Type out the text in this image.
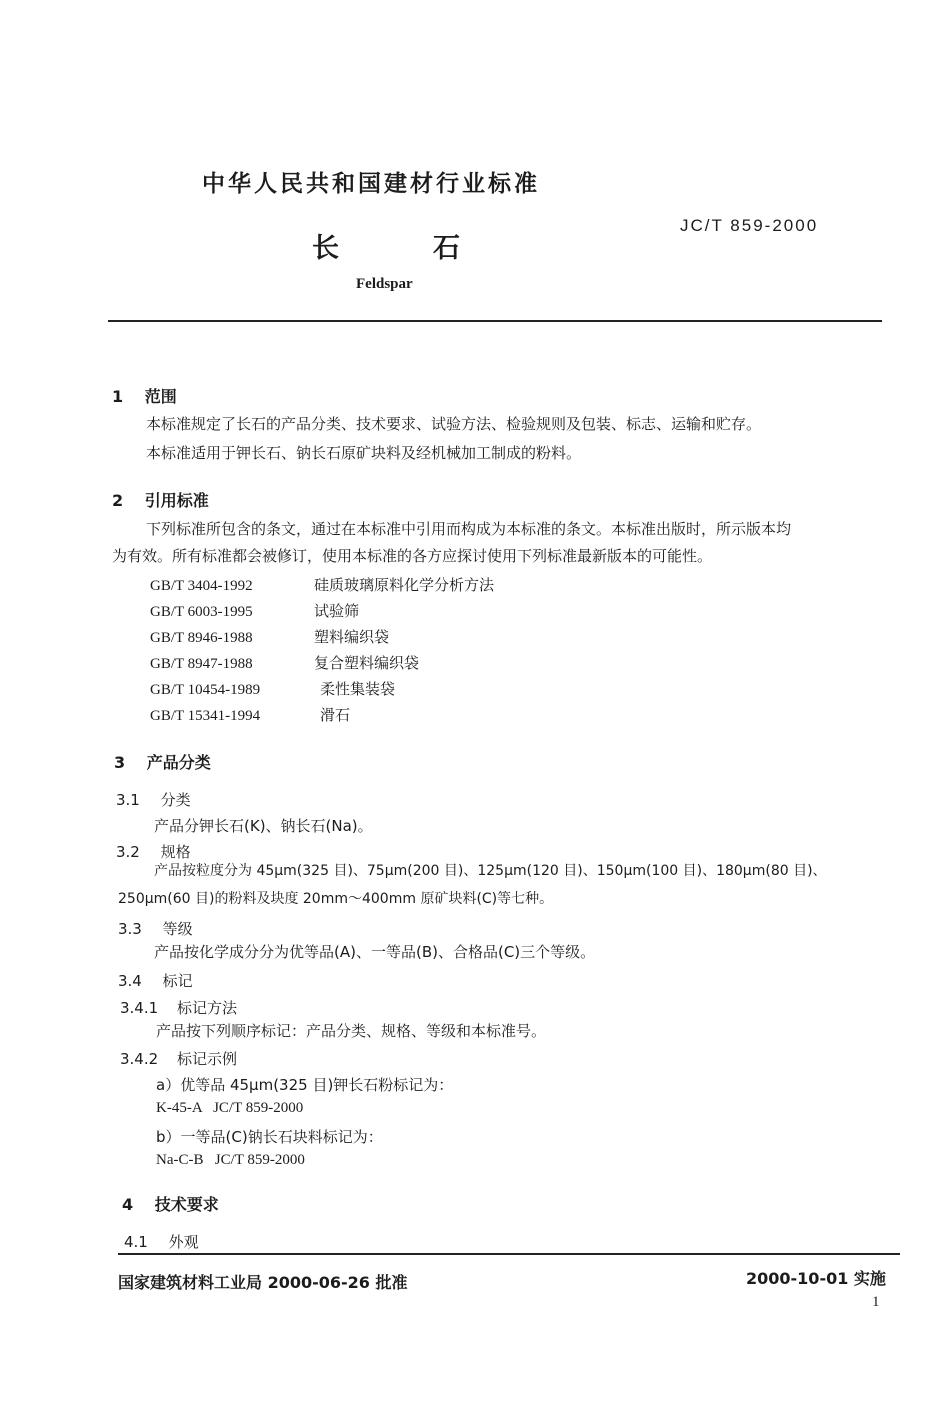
中华人民共和国建材行业标准
JC/T 859-2000
长石
Feldspar
1 范围
本标准规定了长石的产品分类、技术要求、试验方法、检验规则及包装、标志、运输和贮存。
本标准适用于钾长石、钠长石原矿块料及经机械加工制成的粉料。
2 引用标准
下列标准所包含的条文，通过在本标准中引用而构成为本标准的条文。本标准出版时，所示版本均
为有效。所有标准都会被修订，使用本标准的各方应探讨使用下列标准最新版本的可能性。
GB/T 3404-1992	硅质玻璃原料化学分析方法
GB/T 6003-1995	试验筛
GB/T 8946-1988	塑料编织袋
GB/T 8947-1988	复合塑料编织袋
GB/T 10454-1989	柔性集装袋
GB/T 15341-1994	滑石
3 产品分类
3.1 分类
产品分钾长石(K)、钠长石(Na)。
3.2 规格
产品按粒度分为 45μm(325 目)、75μm(200 目)、125μm(120 目)、150μm(100 目)、180μm(80 目)、
250μm(60 目)的粉料及块度 20mm～400mm 原矿块料(C)等七种。
3.3 等级
产品按化学成分分为优等品(A)、一等品(B)、合格品(C)三个等级。
3.4 标记
3.4.1 标记方法
产品按下列顺序标记：产品分类、规格、等级和本标准号。
3.4.2 标记示例
a）优等品 45μm(325 目)钾长石粉标记为：
K-45-A   JC/T 859-2000
b）一等品(C)钠长石块料标记为：
Na-C-B   JC/T 859-2000
4 技术要求
4.1 外观
国家建筑材料工业局 2000-06-26 批准	2000-10-01 实施
1
